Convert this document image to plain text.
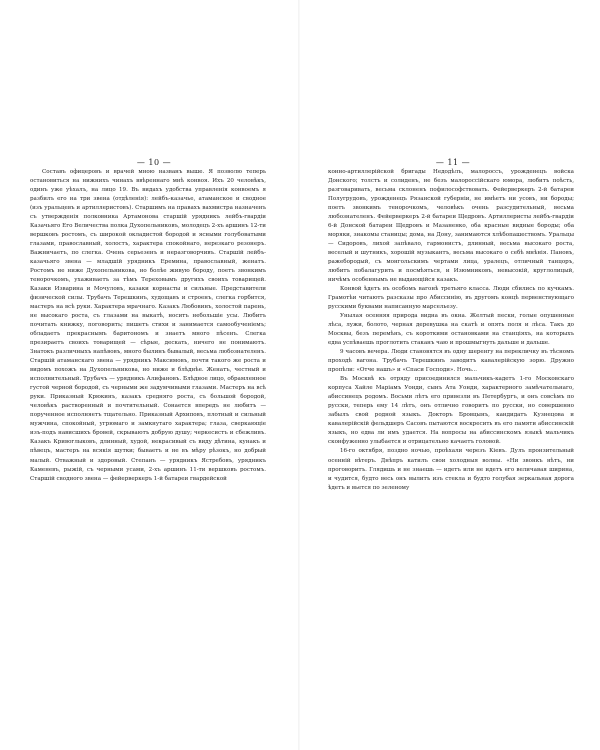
— 10 —

Составъ офицеровъ и врачей мною названъ выше. Я позволю теперь остановиться на нижнихъ чинахъ ввѣреннаго мнѣ конвоя. Ихъ 20 человѣкъ, одинъ уже уѣхалъ, на лицо 19. Въ видахъ удобства управленія конвоемъ я разбилъ его на три звена (отдѣленія): лейбъ-казачье, атаманское и сводное (изъ уральцевъ и артиллеристовъ). Старшимъ на правахъ вахмистра назначенъ съ утвержденія полковника Артамонова старшій урядникъ лейбъ-гвардіи Казачьяго Его Величества полка Духопельниковъ, молодецъ 2-хъ аршинъ 12-ти вершковъ ростомъ, съ широкой окладистой бородой и ясными голубоватыми глазами, православный, холостъ, характера спокойнаго, нерезкаго резонеръ. Важничаетъ, по слегка. Очень серьезенъ и неразговорчивъ. Старшій лейбъ-казачьяго звена — младшій урядникъ Еремина, православный, женатъ. Ростомъ не ниже Духопельникова, но болѣе живую бороду, поетъ звонкимъ тенорочкомъ, ухаживаетъ за тѣмъ Тереховымъ другихъ своихъ товарищей. Казаки Изварина и Мочуловъ, казаки корнасты и сильные. Представители физической силы. Трубачъ Терешкинъ, худощавъ и строенъ, слегка горбится, мастеръ на всѣ руки. Характера мрачнаго. Казакъ Любовинъ, холостой парень, не высокаго роста, съ глазами на выкатѣ, носитъ небольшіе усы. Любитъ почитать книжку, поговорить; пишетъ стихи и занимается самообученіемъ; обладаетъ прекраснымъ баритономъ и знаетъ много пѣсенъ. Слегка презираетъ своихъ товарищей — сѣрые, дескать, ничего не понимаютъ. Знатокъ различныхъ напѣвовъ, много былинъ бывалый, весьма любознателенъ. Старшій атаманскаго звена — урядникъ Максимовъ, почти такого же роста и видомъ похожъ на Духопельникова, но ниже и блѣднѣе. Женатъ, честный и исполнительный. Трубачъ — урядникъ Алифановъ. Блѣдное лицо, обрамленное густой черной бородой, съ черными же задумчивыми глазами. Мастеръ на всѣ руки. Приказный Крюкинъ, казакъ средняго роста, съ большой бородой, человѣкъ растворенный и почтительный. Сонается впередъ не любитъ — порученное исполняетъ тщательно. Приказный Архиповъ, плотный и сильный мужчина, спокойный, угрюмаго и замкнутаго характера; глаза, сверкающіе изъ-подъ нависшихъ бровей, скрываютъ добрую душу; черкесистъ и сбежливъ. Казакъ Кривоглыковъ, длинный, худой, некрасивый съ виду дѣтина, кунакъ и пѣвецъ, мастеръ на всякія шутки; бываетъ и не въ мѣру рѣзокъ, но добрый малый. Отважный и здоровый. Степанъ — урядникъ Ястребовъ, урядникъ Каменевъ, рыжій, съ черными усами, 2-хъ аршинъ 11-ти вершковъ ростомъ. Старшій сводного звена — фейерверкеръ 1-й батареи гвардейской

— 11 —

конно-артиллерійской бригады Недодѣлъ, малороссъ, урожденецъ войска Донского; толстъ и солиденъ, не безъ малороссійскаго юмора, любитъ поѣсть, разговаривать, весьма склоненъ пофилософствовать. Фейерверкеръ 2-й батареи Полугрудовъ, урожденецъ Рязанской губерніи, не имѣетъ ни усовъ, ни бороды; поетъ звонкимъ тенорочкомъ, человѣкъ очень разсудительный, весьма любознателенъ. Фейерверкеръ 2-й батареи Щедровъ. Артиллеристы лейбъ-гвардіи 6-й Донской батареи Щедровъ и Мазаненко, оба красные видные бороды; оба моряки, знакомы станицы; дома, на Дону, занимаются хлѣбопашествомъ. Уральцы — Сидоровъ, лихой запѣвало, гармонистъ, длинный, весьма высокаго роста, веселый и шутникъ, хорошій музыкантъ, весьма высокаго о себѣ мнѣнія. Пановъ, ражебородый, съ монгольскимъ чертами лица, уралецъ, отличный танцоръ, любитъ побалагурить и посмѣяться, и Изюмниковъ, невысокій, круглолицый, ничѣмъ особеннымъ не выдающійся казакъ.

Конвой ѣдетъ въ особомъ вагонѣ третьяго класса. Люди сбились по кучкамъ. Грамотѣи читаютъ разсказы про Абиссинію, въ другомъ концѣ первенствующаго русскими буквами написанную марсельезу.

Унылая осенняя природа видна въ окна. Желтый пески, голые опушенные лѣса, лужи, болото, черная деревушка на скатѣ и опять поля и лѣса. Такъ до Москвы, безъ перемѣнъ, съ короткими остановками на станціяхъ, на которыхъ едва успѣваешь проглотить стаканъ чаю и прошмыгнуть дальше и дальше.

9 часовъ вечера. Люди становятся въ одну шеренгу на перекличку въ тѣсномъ проходѣ вагона. Трубачъ Терешкинъ заводитъ кавалерійскую зорю. Дружно пропѣли: «Отче нашъ» и «Спаси Господи». Ночь...

Въ Москвѣ къ отряду присоединился мальчикъ-кадетъ 1-го Московскаго корпуса Хайле Маріамъ Уонди, сынъ Ата Уонди, характерного замѣчательнаго, абиссинецъ родомъ. Восьми лѣтъ его привезли въ Петербургъ, и онъ совсѣмъ по русски, теперь ему 14 лѣтъ, онъ отлично говоритъ по русски, но совершенно забылъ свой родной языкъ. Докторъ Бровцынъ, кандидатъ Кузнецова и кавалерійскій фельдшеръ Сасовъ пытаются воскресить въ его памяти абиссинскій языкъ, но едва ли имъ удается. На вопросы на абиссинскомъ языкѣ мальчикъ сконфуженно улыбается и отрицательно качаетъ головой.

16-го октября, поздно ночью, проѣхали черезъ Кіевъ. Дулъ пронзительный осенній вѣтеръ. Днѣпръ катилъ свои холодныя волны. «Ни звонкъ нѣтъ, ни проговоритъ. Глядишь и не знаешь — идетъ или не идетъ его величавая ширина, и чудится, будто весь онъ вылитъ изъ стекла и будто голубая зеркальная дорога ѣдетъ и вьется по зеленому
